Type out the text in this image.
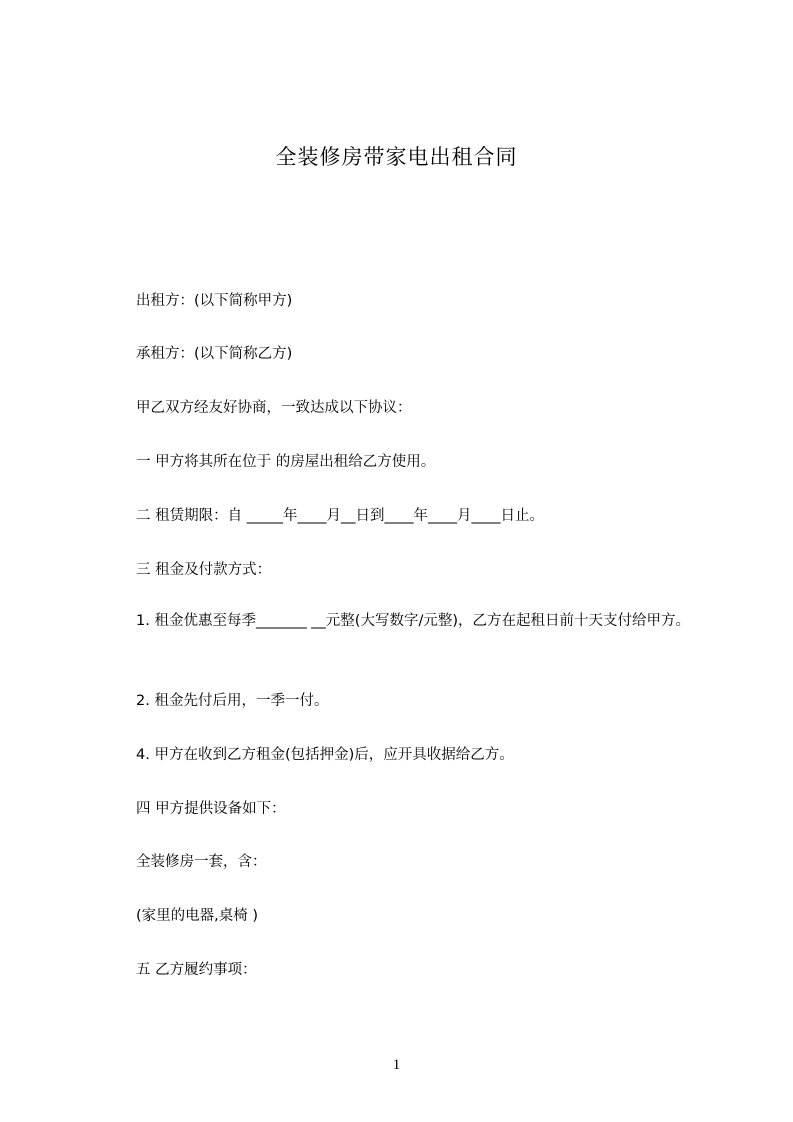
全装修房带家电出租合同
出租方：(以下简称甲方)
承租方：(以下简称乙方)
甲乙双方经友好协商，一致达成以下协议：
一 甲方将其所在位于 的房屋出租给乙方使用。
二 租赁期限：自 _____年____月__日到____年____月____日止。
三 租金及付款方式：
1. 租金优惠至每季_______ __元整(大写数字/元整)，乙方在起租日前十天支付给甲方。
2. 租金先付后用，一季一付。
4. 甲方在收到乙方租金(包括押金)后，应开具收据给乙方。
四 甲方提供设备如下：
全装修房一套，含：
(家里的电器,桌椅 )
五 乙方履约事项：
1
